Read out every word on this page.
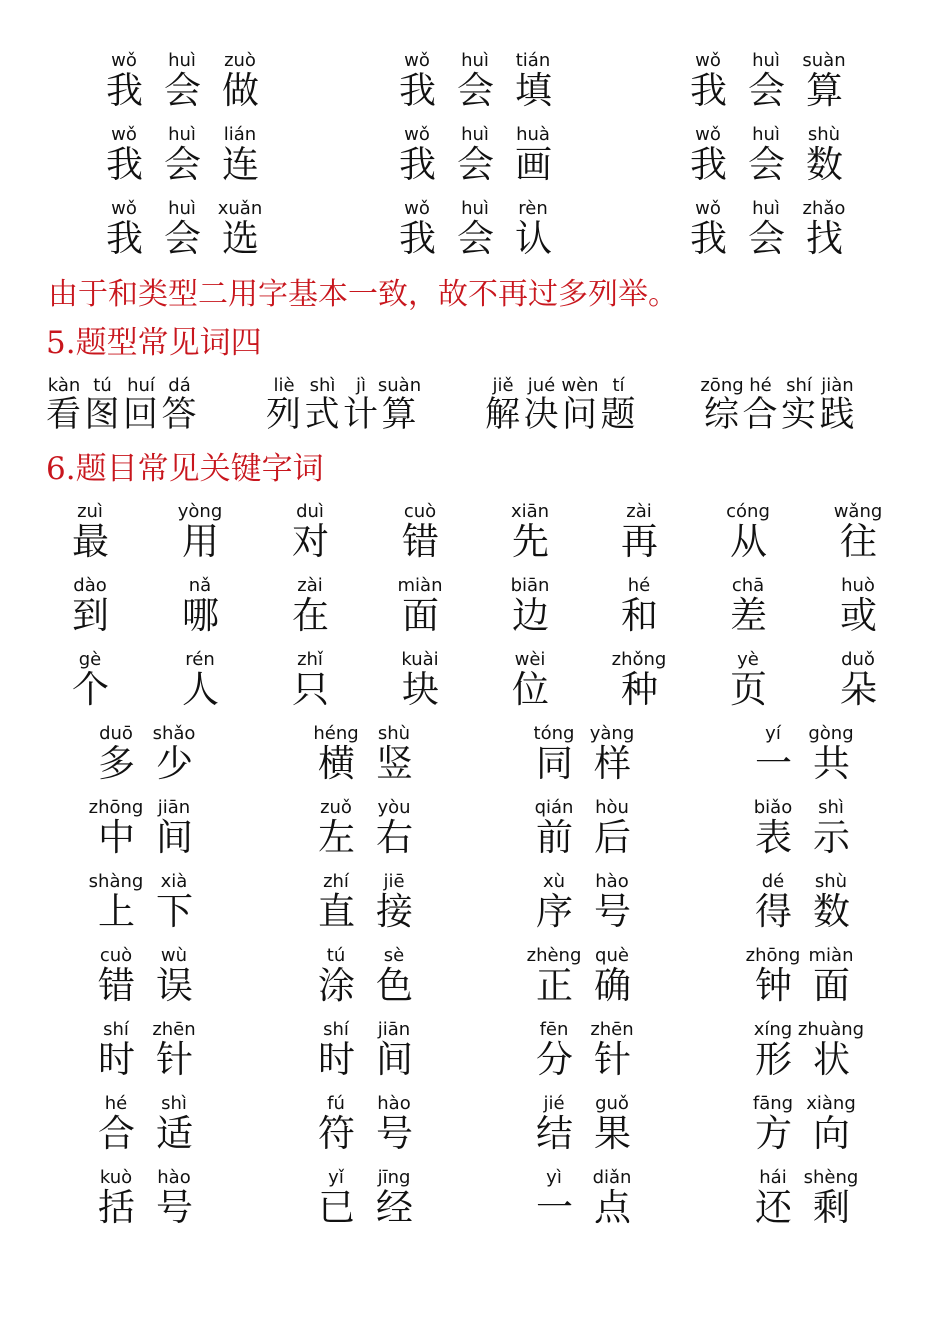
由于和类型二用字基本一致，故不再过多列举。
5.题型常见词四
6.题目常见关键字词
wǒ
我
huì
会
zuò
做
wǒ
我
huì
会
tián
填
wǒ
我
huì
会
suàn
算
wǒ
我
huì
会
lián
连
wǒ
我
huì
会
huà
画
wǒ
我
huì
会
shù
数
wǒ
我
huì
会
xuǎn
选
wǒ
我
huì
会
rèn
认
wǒ
我
huì
会
zhǎo
找
kàn
看
tú
图
huí
回
dá
答
liè
列
shì
式
jì
计
suàn
算
jiě
解
jué
决
wèn
问
tí
题
zōng
综
hé
合
shí
实
jiàn
践
zuì
最
yòng
用
duì
对
cuò
错
xiān
先
zài
再
cóng
从
wǎng
往
dào
到
nǎ
哪
zài
在
miàn
面
biān
边
hé
和
chā
差
huò
或
gè
个
rén
人
zhǐ
只
kuài
块
wèi
位
zhǒng
种
yè
页
duǒ
朵
duō
多
shǎo
少
héng
横
shù
竖
tóng
同
yàng
样
yí
一
gòng
共
zhōng
中
jiān
间
zuǒ
左
yòu
右
qián
前
hòu
后
biǎo
表
shì
示
shàng
上
xià
下
zhí
直
jiē
接
xù
序
hào
号
dé
得
shù
数
cuò
错
wù
误
tú
涂
sè
色
zhèng
正
què
确
zhōng
钟
miàn
面
shí
时
zhēn
针
shí
时
jiān
间
fēn
分
zhēn
针
xíng
形
zhuàng
状
hé
合
shì
适
fú
符
hào
号
jié
结
guǒ
果
fāng
方
xiàng
向
kuò
括
hào
号
yǐ
已
jīng
经
yì
一
diǎn
点
hái
还
shèng
剩
